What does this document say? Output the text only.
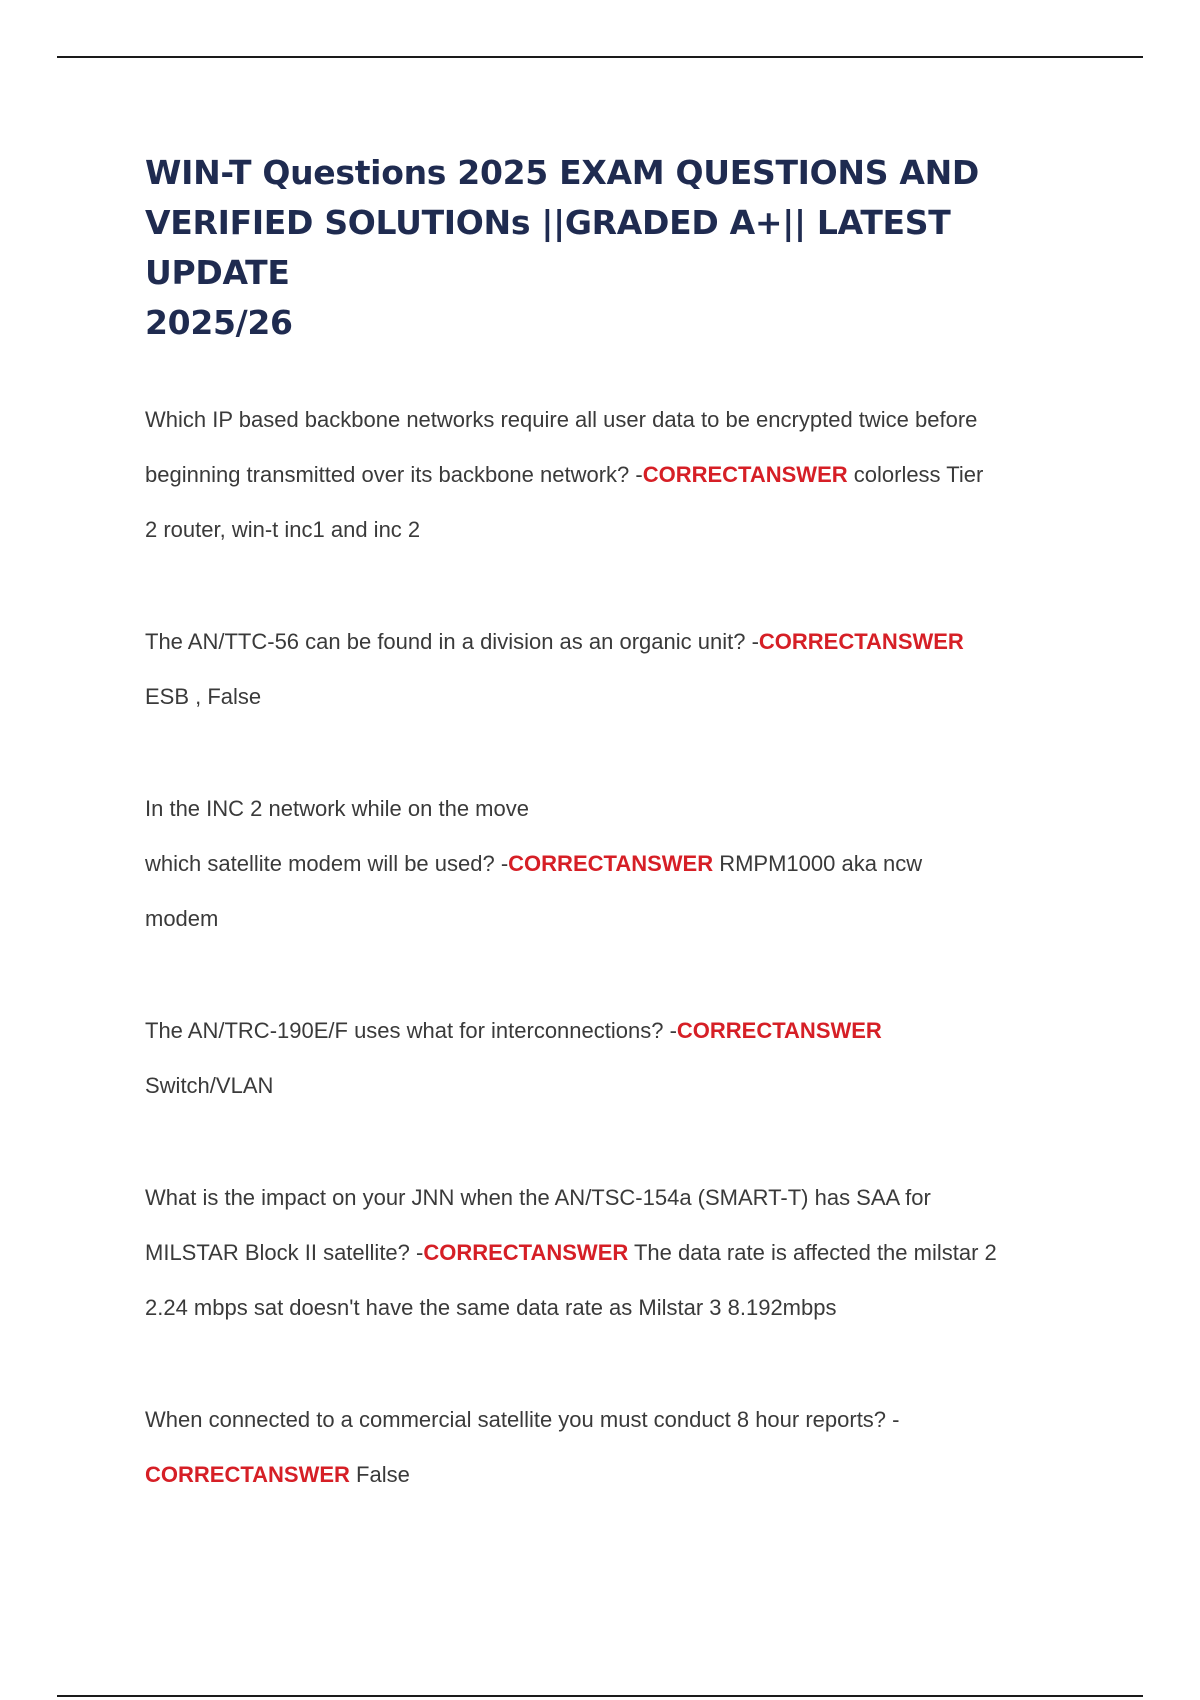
WIN-T Questions 2025 EXAM QUESTIONS AND
VERIFIED SOLUTIONs ||GRADED A+|| LATEST UPDATE
2025/26

Which IP based backbone networks require all user data to be encrypted twice before
beginning transmitted over its backbone network? -CORRECTANSWER colorless Tier
2 router, win-t inc1 and inc 2

The AN/TTC-56 can be found in a division as an organic unit? -CORRECTANSWER
ESB , False

In the INC 2 network while on the move
which satellite modem will be used? -CORRECTANSWER RMPM1000 aka ncw
modem

The AN/TRC-190E/F uses what for interconnections? -CORRECTANSWER
Switch/VLAN

What is the impact on your JNN when the AN/TSC-154a (SMART-T) has SAA for
MILSTAR Block II satellite? -CORRECTANSWER The data rate is affected the milstar 2
2.24 mbps sat doesn't have the same data rate as Milstar 3 8.192mbps

When connected to a commercial satellite you must conduct 8 hour reports? -
CORRECTANSWER False
